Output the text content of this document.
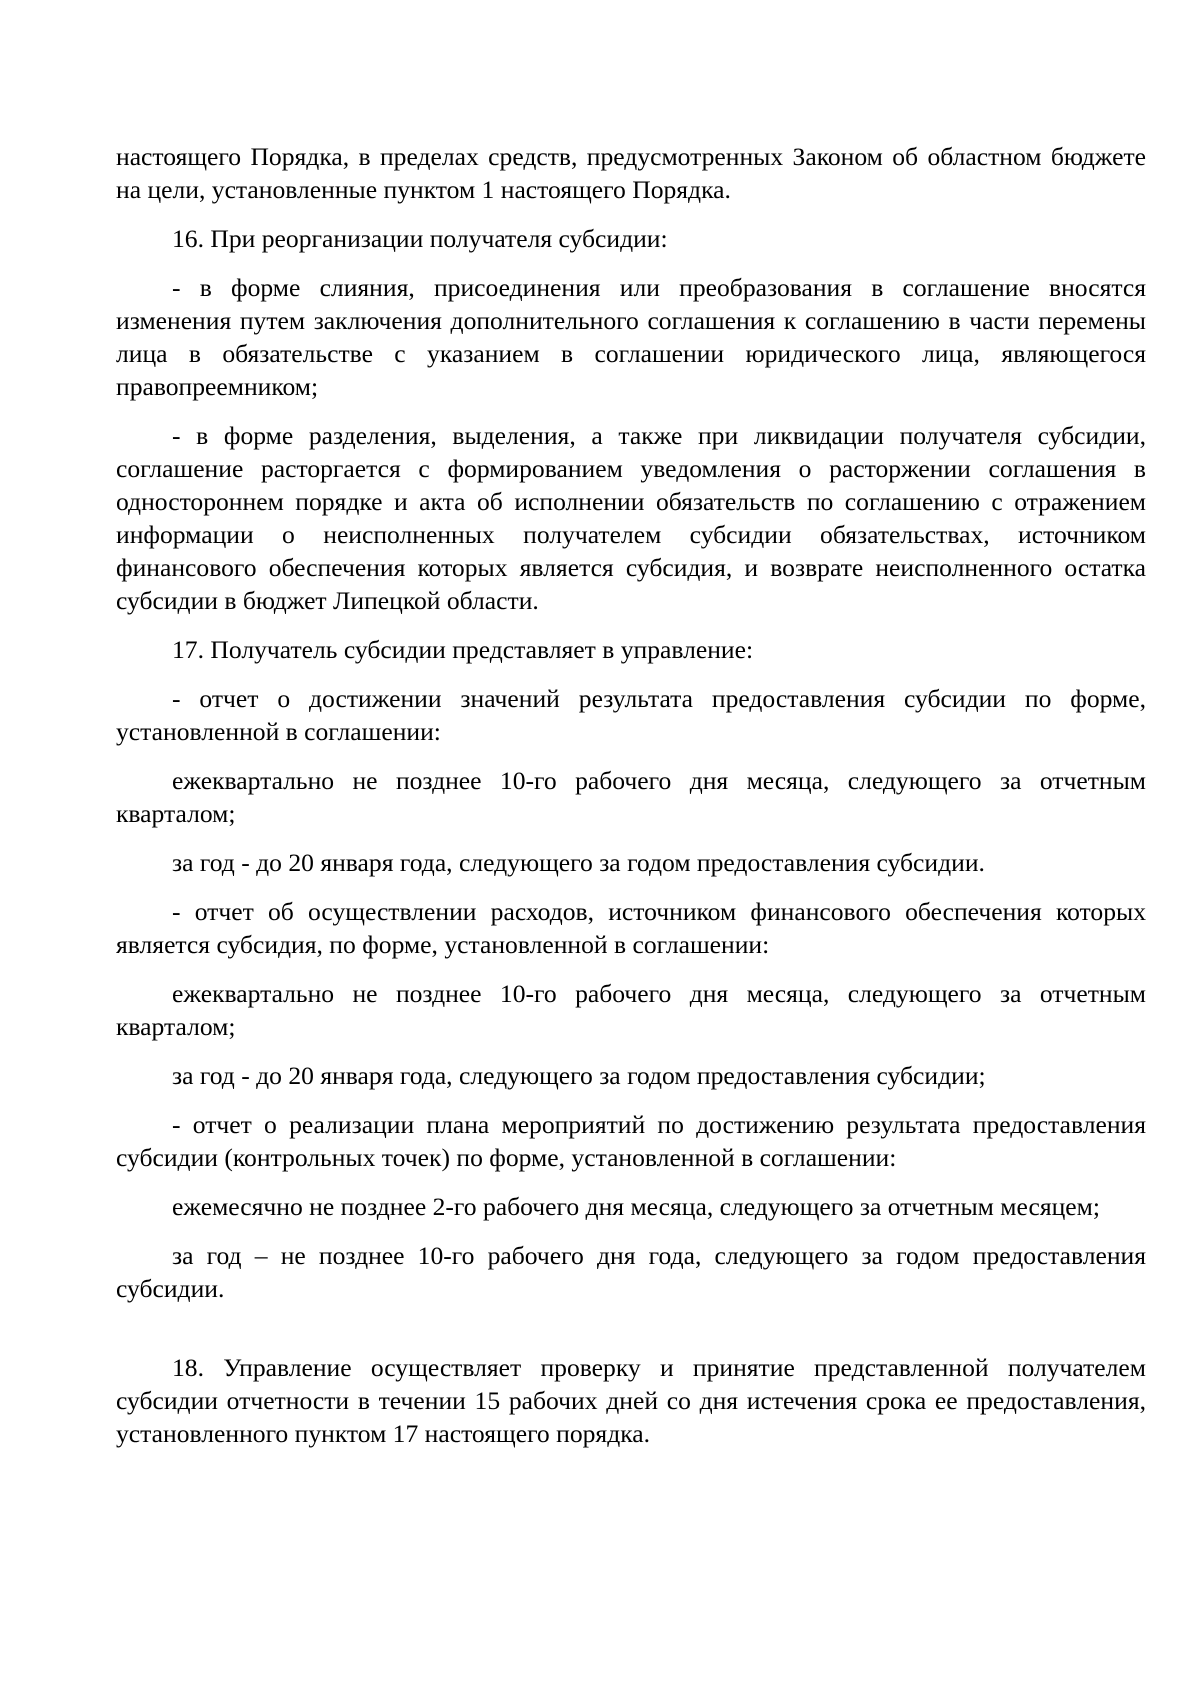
настоящего Порядка, в пределах средств, предусмотренных Законом об областном бюджете на цели, установленные пунктом 1 настоящего Порядка.

16. При реорганизации получателя субсидии:

- в форме слияния, присоединения или преобразования в соглашение вносятся изменения путем заключения дополнительного соглашения к соглашению в части перемены лица в обязательстве с указанием в соглашении юридического лица, являющегося правопреемником;

- в форме разделения, выделения, а также при ликвидации получателя субсидии, соглашение расторгается с формированием уведомления о расторжении соглашения в одностороннем порядке и акта об исполнении обязательств по соглашению с отражением информации о неисполненных получателем субсидии обязательствах, источником финансового обеспечения которых является субсидия, и возврате неисполненного остатка субсидии в бюджет Липецкой области.

17. Получатель субсидии представляет в управление:

- отчет о достижении значений результата предоставления субсидии по форме, установленной в соглашении:

ежеквартально не позднее 10-го рабочего дня месяца, следующего за отчетным кварталом;

за год - до 20 января года, следующего за годом предоставления субсидии.

- отчет об осуществлении расходов, источником финансового обеспечения которых является субсидия, по форме, установленной в соглашении:

ежеквартально не позднее 10-го рабочего дня месяца, следующего за отчетным кварталом;

за год - до 20 января года, следующего за годом предоставления субсидии;

- отчет о реализации плана мероприятий по достижению результата предоставления субсидии (контрольных точек) по форме, установленной в соглашении:

ежемесячно не позднее 2-го рабочего дня месяца, следующего за отчетным месяцем;

за год – не позднее 10-го рабочего дня года, следующего за годом предоставления субсидии.

18. Управление осуществляет проверку и принятие представленной получателем субсидии отчетности в течении 15 рабочих дней со дня истечения срока ее предоставления, установленного пунктом 17 настоящего порядка.
